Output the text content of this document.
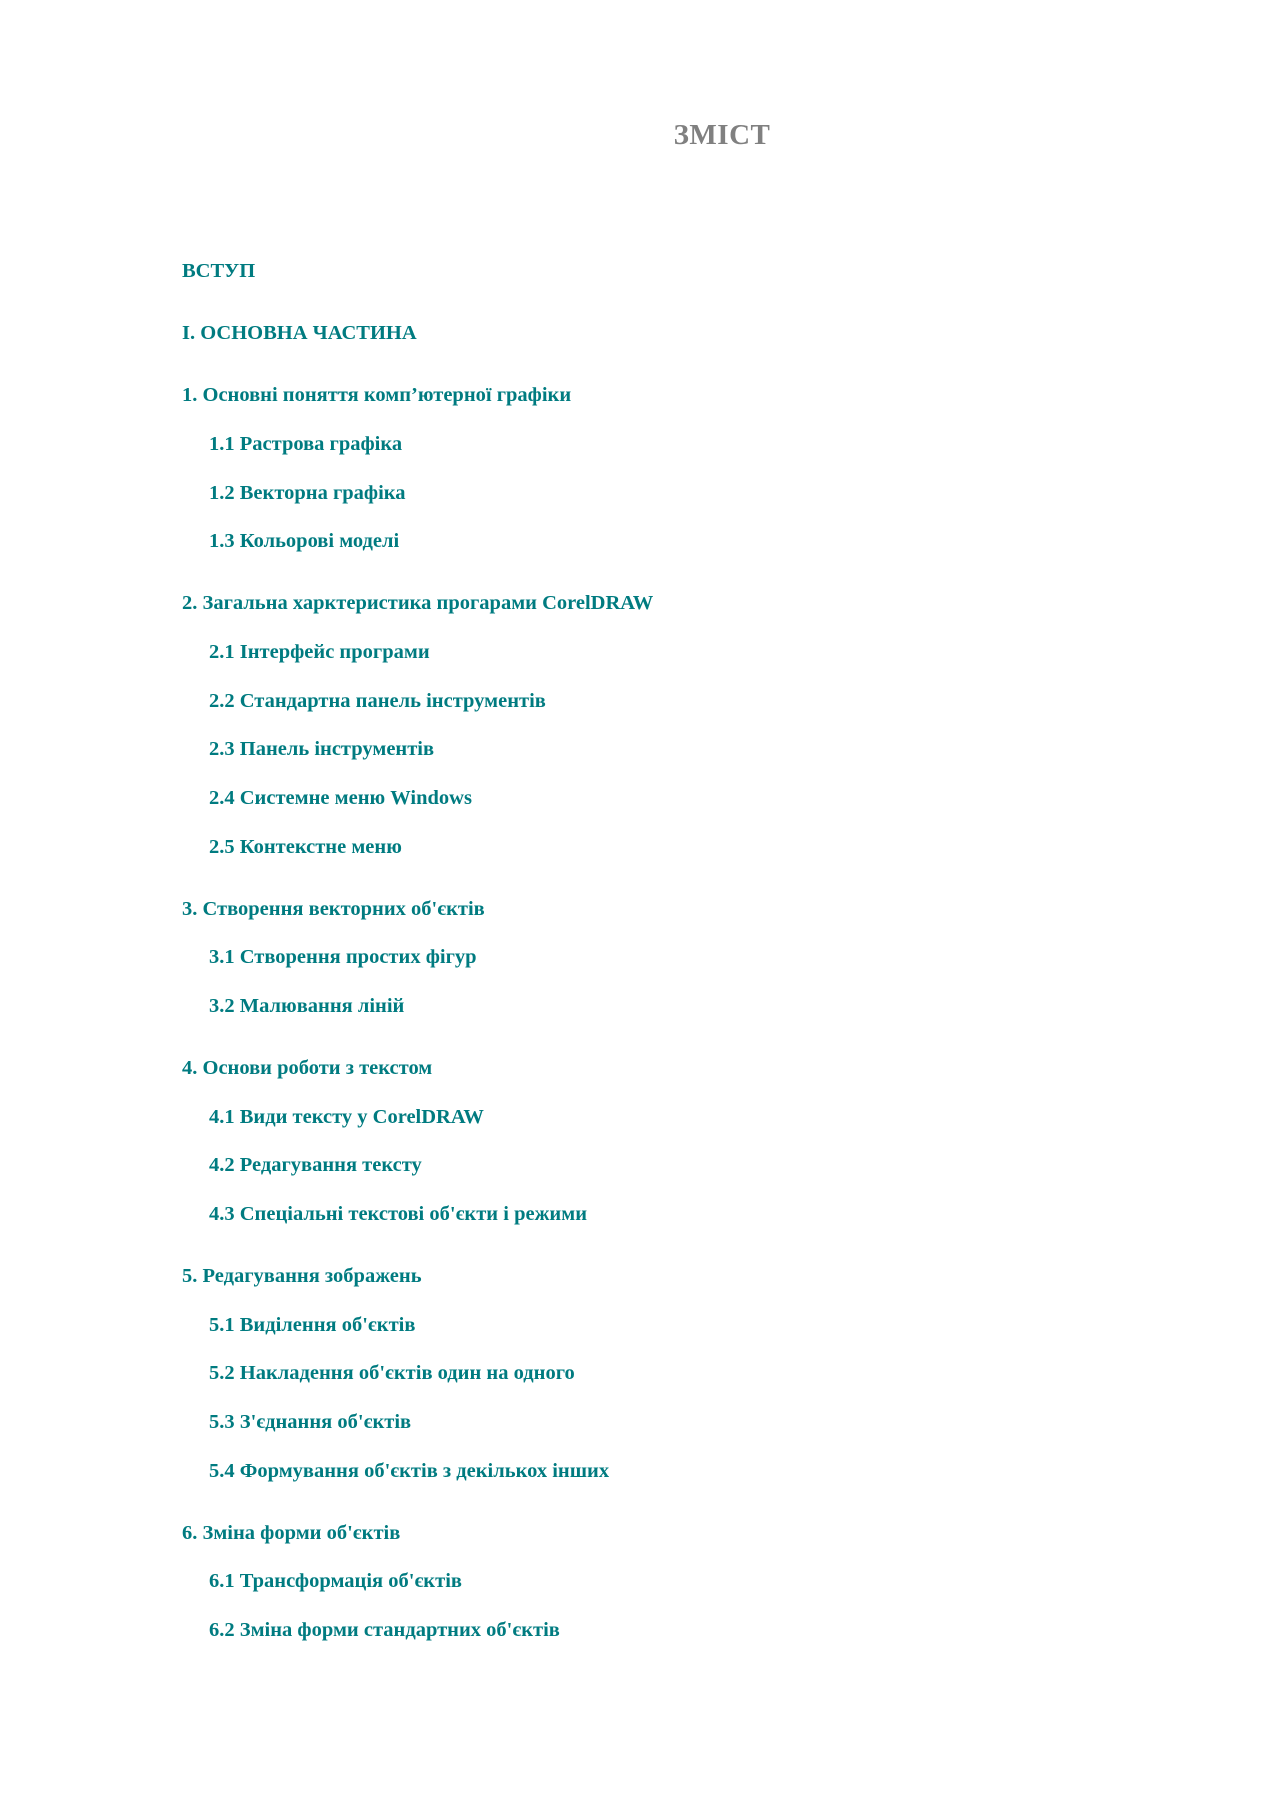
ЗМІСТ
ВСТУП
І. ОСНОВНА ЧАСТИНА
1. Основні поняття комп’ютерної графіки
1.1 Растрова графіка
1.2 Векторна графіка
1.3 Кольорові моделі
2. Загальна харктеристика прогарами CorelDRAW
2.1 Інтерфейс програми
2.2 Стандартна панель інструментів
2.3 Панель інструментів
2.4 Системне меню Windows
2.5 Контекстне меню
3. Створення векторних об'єктів
3.1 Створення простих фігур
3.2 Малювання ліній
4. Основи роботи з текстом
4.1 Види тексту у CorelDRAW
4.2 Редагування тексту
4.3 Спеціальні текстові об'єкти і режими
5. Редагування зображень
5.1 Виділення об'єктів
5.2 Накладення об'єктів один на одного
5.3 З'єднання об'єктів
5.4 Формування об'єктів з декількох інших
6. Зміна форми об'єктів
6.1 Трансформація об'єктів
6.2 Зміна форми стандартних об'єктів
